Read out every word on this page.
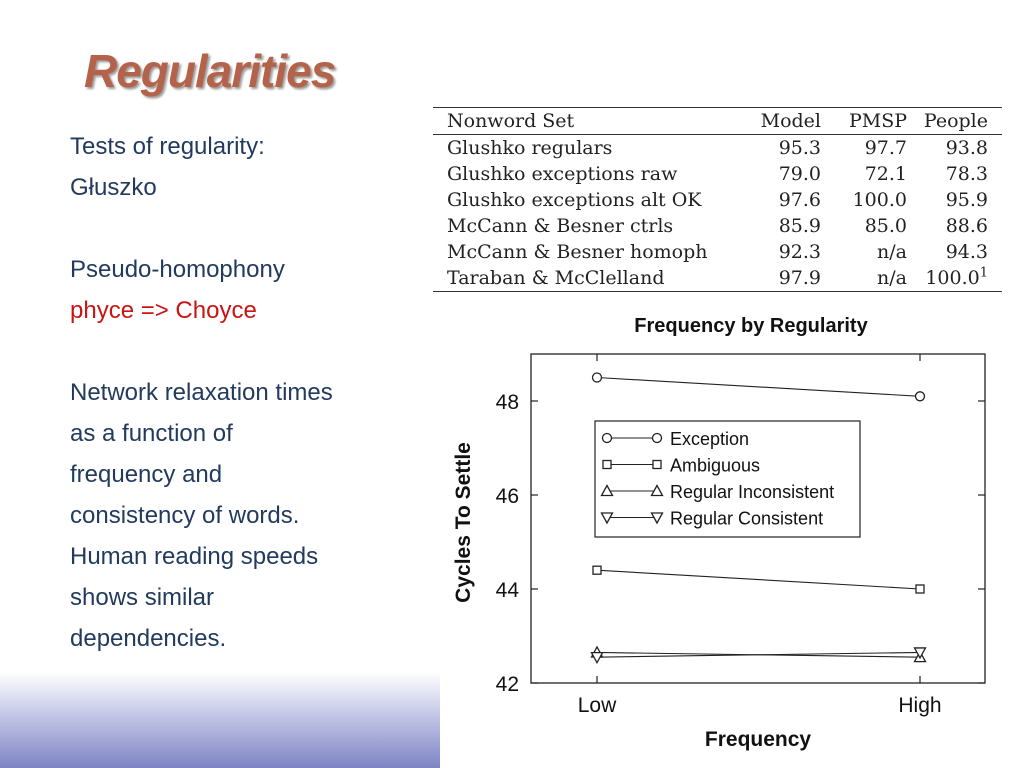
Regularities
Tests of regularity:
Głuszko
Pseudo-homophony
phyce => Choyce
Network relaxation times
as a function of
frequency and
consistency of words.
Human reading speeds
shows similar
dependencies.
Nonword Set	Model	PMSP	People
Glushko regulars	95.3	97.7	93.8
Glushko exceptions raw	79.0	72.1	78.3
Glushko exceptions alt OK	97.6	100.0	95.9
McCann & Besner ctrls	85.9	85.0	88.6
McCann & Besner homoph	92.3	n/a	94.3
Taraban & McClelland	97.9	n/a	100.0$^1$
Frequency by Regularity
42
44
46
48
Low	High
Frequency
Cycles To Settle
Exception
Ambiguous
Regular Inconsistent
Regular Consistent
